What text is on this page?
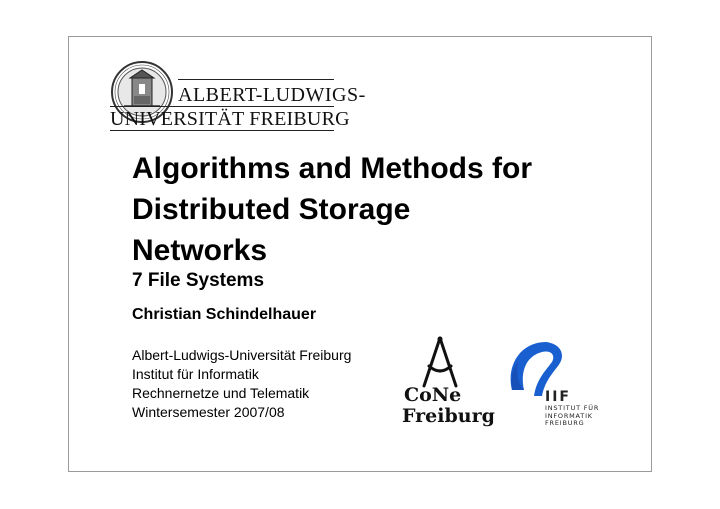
ALBERT-LUDWIGS-
UNIVERSITÄT FREIBURG
Algorithms and Methods for
Distributed Storage
Networks
7 File Systems
Christian Schindelhauer
Albert-Ludwigs-Universität Freiburg
Institut für Informatik
Rechnernetze und Telematik
Wintersemester 2007/08
CoNe
Freiburg
IIF
INSTITUT FÜR
INFORMATIK
FREIBURG
